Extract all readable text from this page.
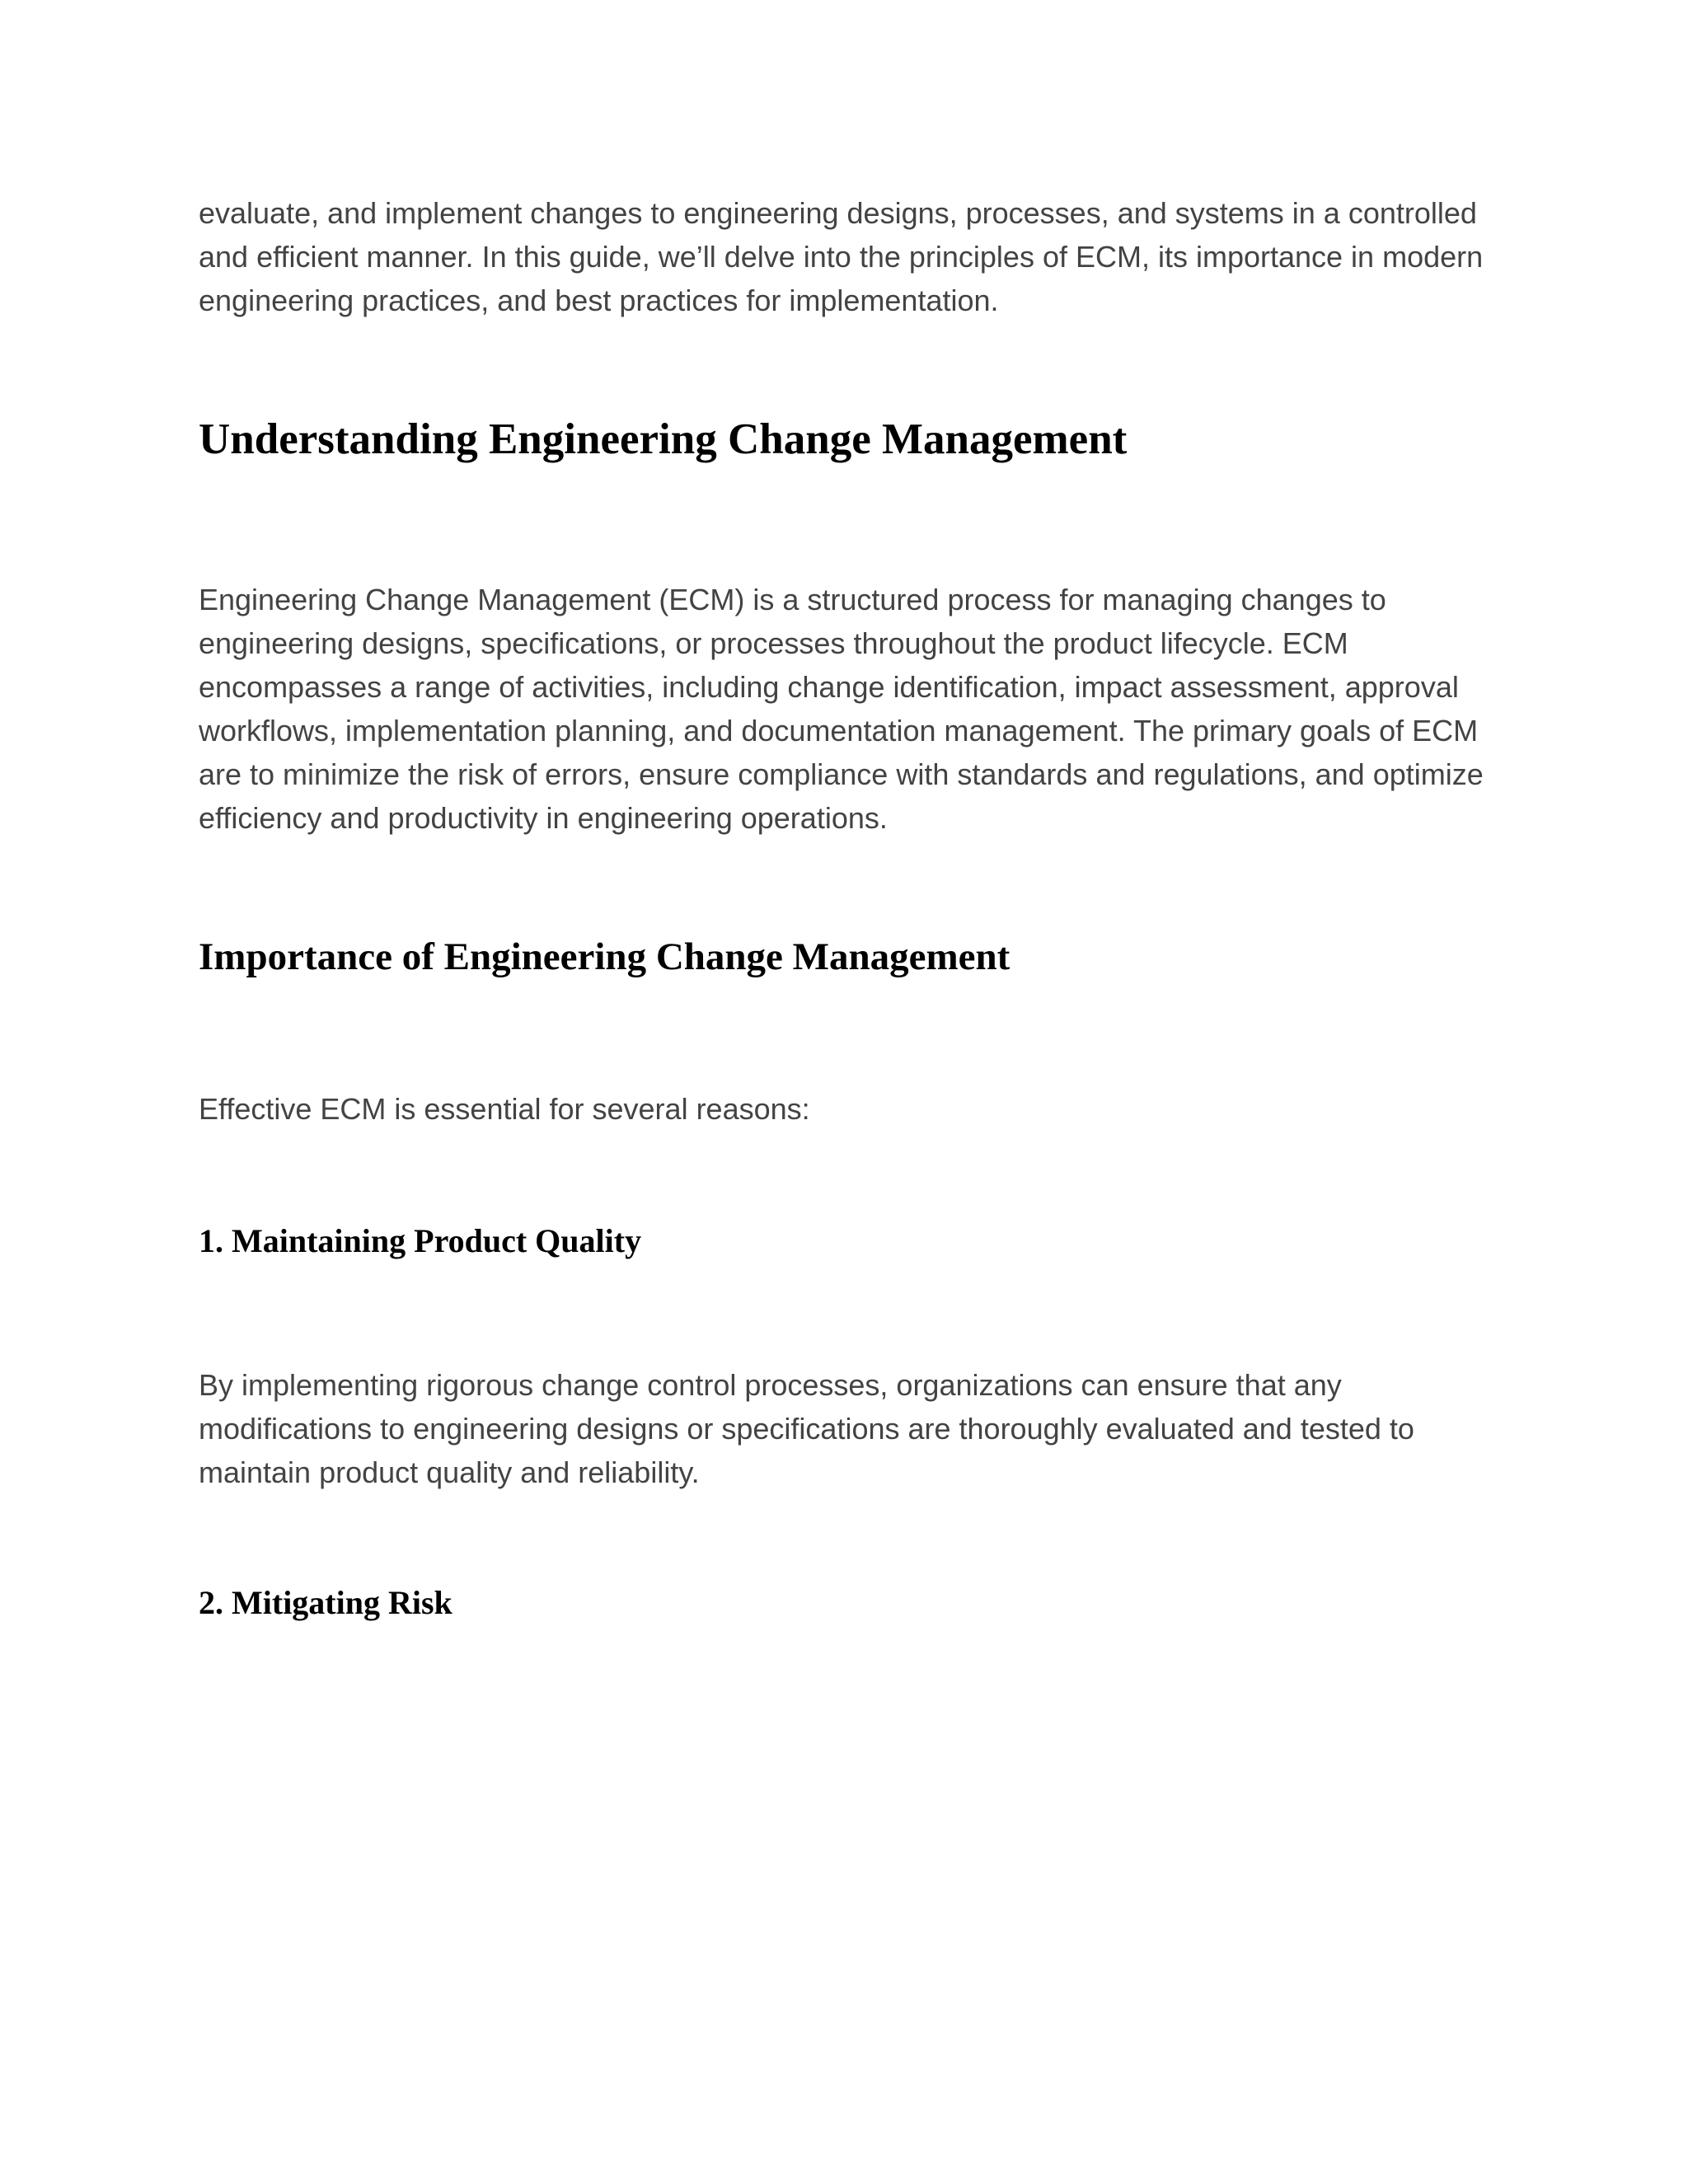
evaluate, and implement changes to engineering designs, processes, and systems in a controlled and efficient manner. In this guide, we’ll delve into the principles of ECM, its importance in modern engineering practices, and best practices for implementation.

Understanding Engineering Change Management

Engineering Change Management (ECM) is a structured process for managing changes to engineering designs, specifications, or processes throughout the product lifecycle. ECM encompasses a range of activities, including change identification, impact assessment, approval workflows, implementation planning, and documentation management. The primary goals of ECM are to minimize the risk of errors, ensure compliance with standards and regulations, and optimize efficiency and productivity in engineering operations.

Importance of Engineering Change Management

Effective ECM is essential for several reasons:

1. Maintaining Product Quality

By implementing rigorous change control processes, organizations can ensure that any modifications to engineering designs or specifications are thoroughly evaluated and tested to maintain product quality and reliability.

2. Mitigating Risk
